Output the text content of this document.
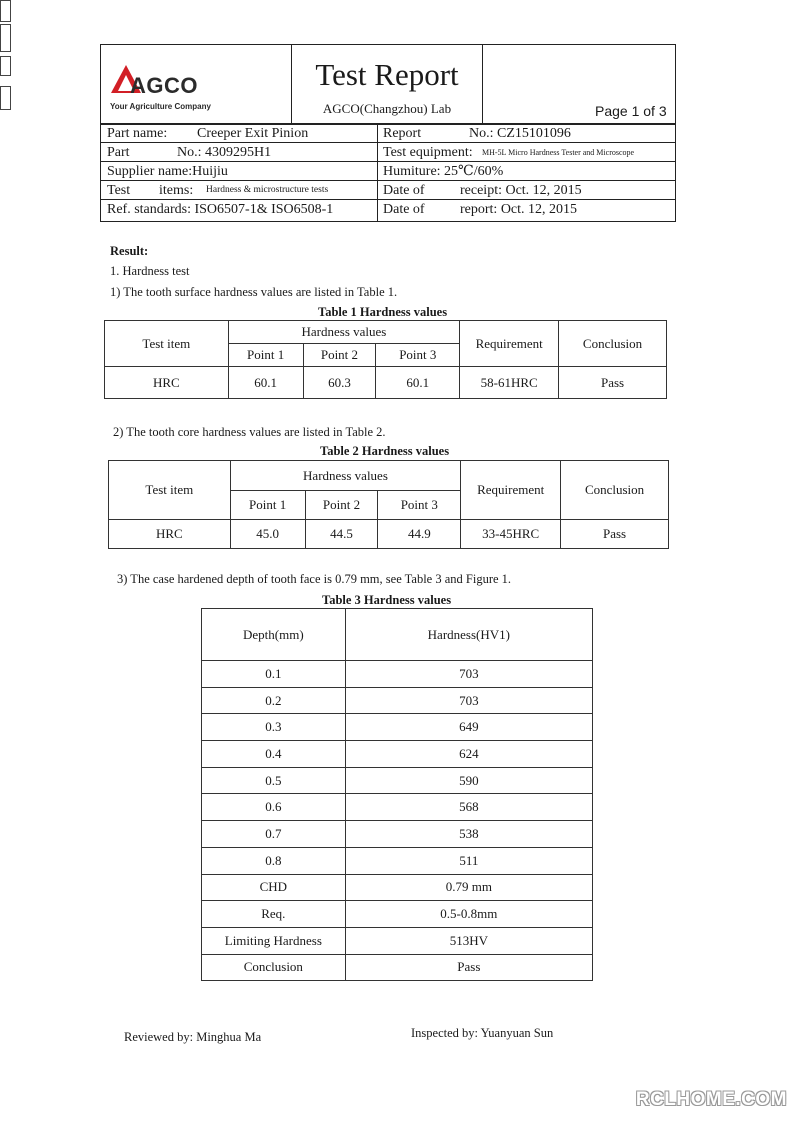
AGCO
Your Agriculture Company
Test Report
AGCO(Changzhou) Lab	Page 1 of 3
Part name: Creeper Exit Pinion	Report	No.: CZ15101096
Part	No.: 4309295H1	Test equipment: MH-5L Micro Hardness Tester and Microscope
Supplier name:Huijiu	Humiture: 25℃/60%
Test items: Hardness & microstructure tests	Date of	receipt: Oct. 12, 2015
Ref. standards: ISO6507-1& ISO6508-1	Date of	report: Oct. 12, 2015
Result:
1. Hardness test
1) The tooth surface hardness values are listed in Table 1.
Table 1 Hardness values
Test item	Hardness values			Requirement	Conclusion
	Point 1	Point 2	Point 3		
HRC	60.1	60.3	60.1	58-61HRC	Pass
2) The tooth core hardness values are listed in Table 2.
Table 2 Hardness values
Test item	Hardness values			Requirement	Conclusion
	Point 1	Point 2	Point 3		
HRC	45.0	44.5	44.9	33-45HRC	Pass
3) The case hardened depth of tooth face is 0.79 mm, see Table 3 and Figure 1.
Table 3 Hardness values
Depth(mm)	Hardness(HV1)
0.1	703
0.2	703
0.3	649
0.4	624
0.5	590
0.6	568
0.7	538
0.8	511
CHD	0.79 mm
Req.	0.5-0.8mm
Limiting Hardness	513HV
Conclusion	Pass
Reviewed by: Minghua Ma	Inspected by: Yuanyuan Sun
RCLHOME.COM
